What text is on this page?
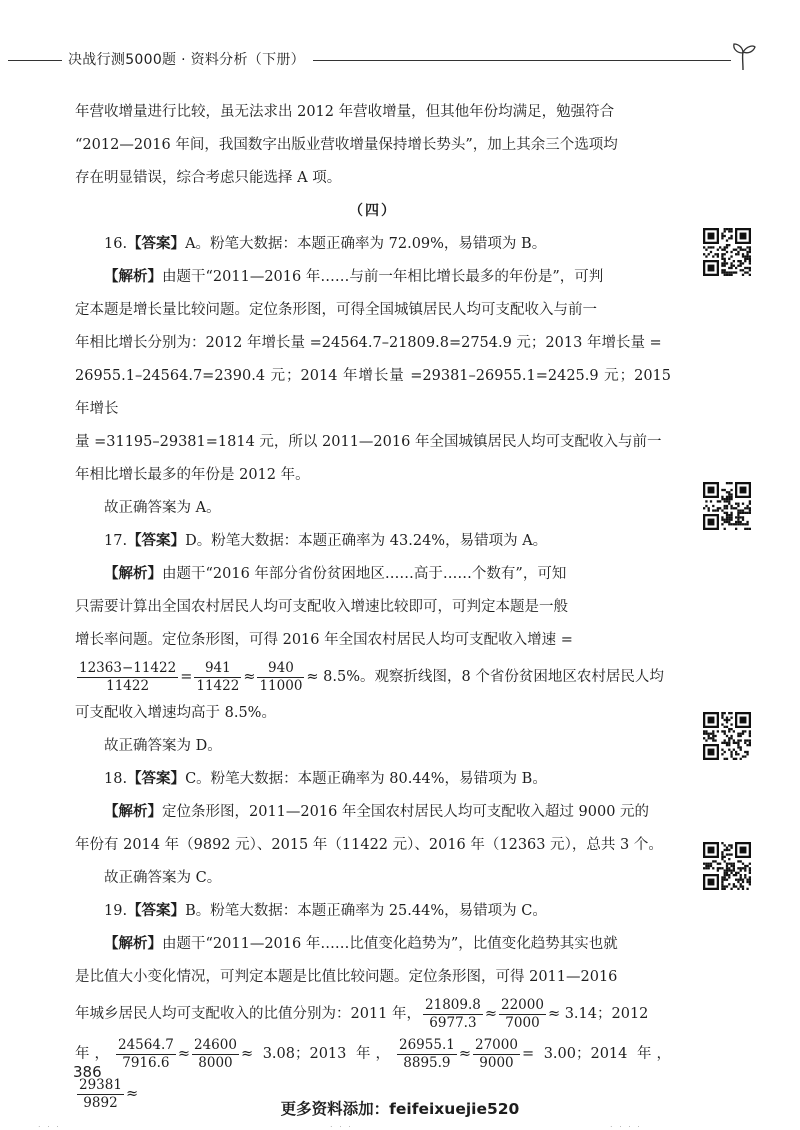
决战行测5000题 · 资料分析（下册）

年营收增量进行比较，虽无法求出 2012 年营收增量，但其他年份均满足，勉强符合

“2012—2016 年间，我国数字出版业营收增量保持增长势头”，加上其余三个选项均

存在明显错误，综合考虑只能选择 A 项。

（四）

16.【答案】A。粉笔大数据：本题正确率为 72.09%，易错项为 B。

【解析】由题干“2011—2016 年……与前一年相比增长最多的年份是”，可判

定本题是增长量比较问题。定位条形图，可得全国城镇居民人均可支配收入与前一

年相比增长分别为：2012 年增长量 =24564.7–21809.8=2754.9 元；2013 年增长量 =

26955.1–24564.7=2390.4 元；2014 年增长量 =29381–26955.1=2425.9 元；2015 年增长

量 =31195–29381=1814 元，所以 2011—2016 年全国城镇居民人均可支配收入与前一

年相比增长最多的年份是 2012 年。

故正确答案为 A。

17.【答案】D。粉笔大数据：本题正确率为 43.24%，易错项为 A。

【解析】由题干“2016 年部分省份贫困地区……高于……个数有”，可知

只需要计算出全国农村居民人均可支配收入增速比较即可，可判定本题是一般

增长率问题。定位条形图，可得 2016 年全国农村居民人均可支配收入增速 =

$\frac{12363-11422}{11422} = \frac{941}{11422} \approx \frac{940}{11000} \approx 8.5\%$。观察折线图，8 个省份贫困地区农村居民人均

可支配收入增速均高于 8.5%。

故正确答案为 D。

18.【答案】C。粉笔大数据：本题正确率为 80.44%，易错项为 B。

【解析】定位条形图，2011—2016 年全国农村居民人均可支配收入超过 9000 元的

年份有 2014 年（9892 元）、2015 年（11422 元）、2016 年（12363 元），总共 3 个。

故正确答案为 C。

19.【答案】B。粉笔大数据：本题正确率为 25.44%，易错项为 C。

【解析】由题干“2011—2016 年……比值变化趋势为”，比值变化趋势其实也就

是比值大小变化情况，可判定本题是比值比较问题。定位条形图，可得 2011—2016

年城乡居民人均可支配收入的比值分别为：2011 年， $\frac{21809.8}{6977.3} \approx \frac{22000}{7000} \approx 3.14$；2012

年， $\frac{24564.7}{7916.6} \approx \frac{24600}{8000} \approx 3.08$；2013 年， $\frac{26955.1}{8895.9} \approx \frac{27000}{9000} = 3.00$；2014 年，
$\frac{29381}{9892}$ ≈

386
更多资料添加：feifeixuejie520
. . .	. . .	. . . .
